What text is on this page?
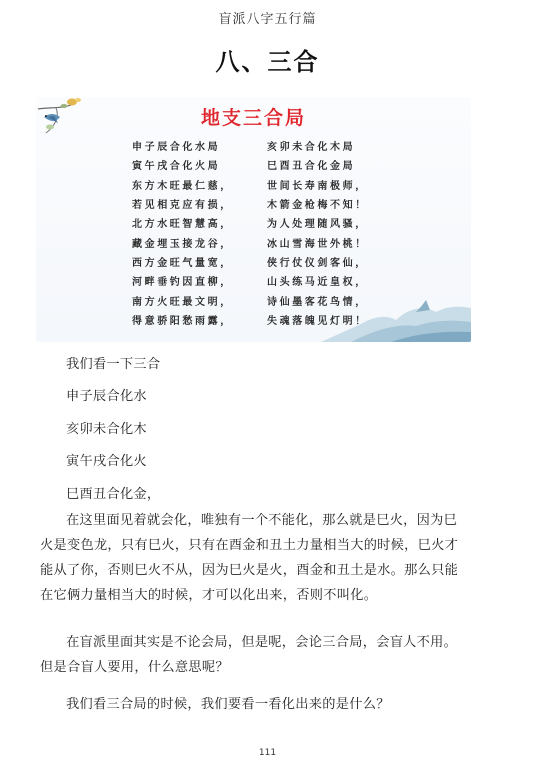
盲派八字五行篇
八、三合
地支三合局
申子辰合化水局	亥卯未合化木局
寅午戌合化火局	巳酉丑合化金局
东方木旺最仁慈，	世间长寿南极师，
若见相克应有损，	木箭金枪梅不知！
北方水旺智慧高，	为人处理随风骚，
藏金埋玉接龙谷，	冰山雪海世外桃！
西方金旺气量宽，	侠行仗仪剑客仙，
河畔垂钓因直柳，	山头练马近皇权，
南方火旺最文明，	诗仙墨客花鸟情，
得意骄阳愁雨露，	失魂落魄见灯明！
我们看一下三合
申子辰合化水
亥卯未合化木
寅午戌合化火
巳酉丑合化金，
在这里面见着就会化，唯独有一个不能化，那么就是巳火，因为巳
火是变色龙，只有巳火，只有在酉金和丑土力量相当大的时候，巳火才
能从了你，否则巳火不从，因为巳火是火，酉金和丑土是水。那么只能
在它俩力量相当大的时候，才可以化出来，否则不叫化。
在盲派里面其实是不论会局，但是呢，会论三合局，会盲人不用。
但是合盲人要用，什么意思呢？
我们看三合局的时候，我们要看一看化出来的是什么？
111
